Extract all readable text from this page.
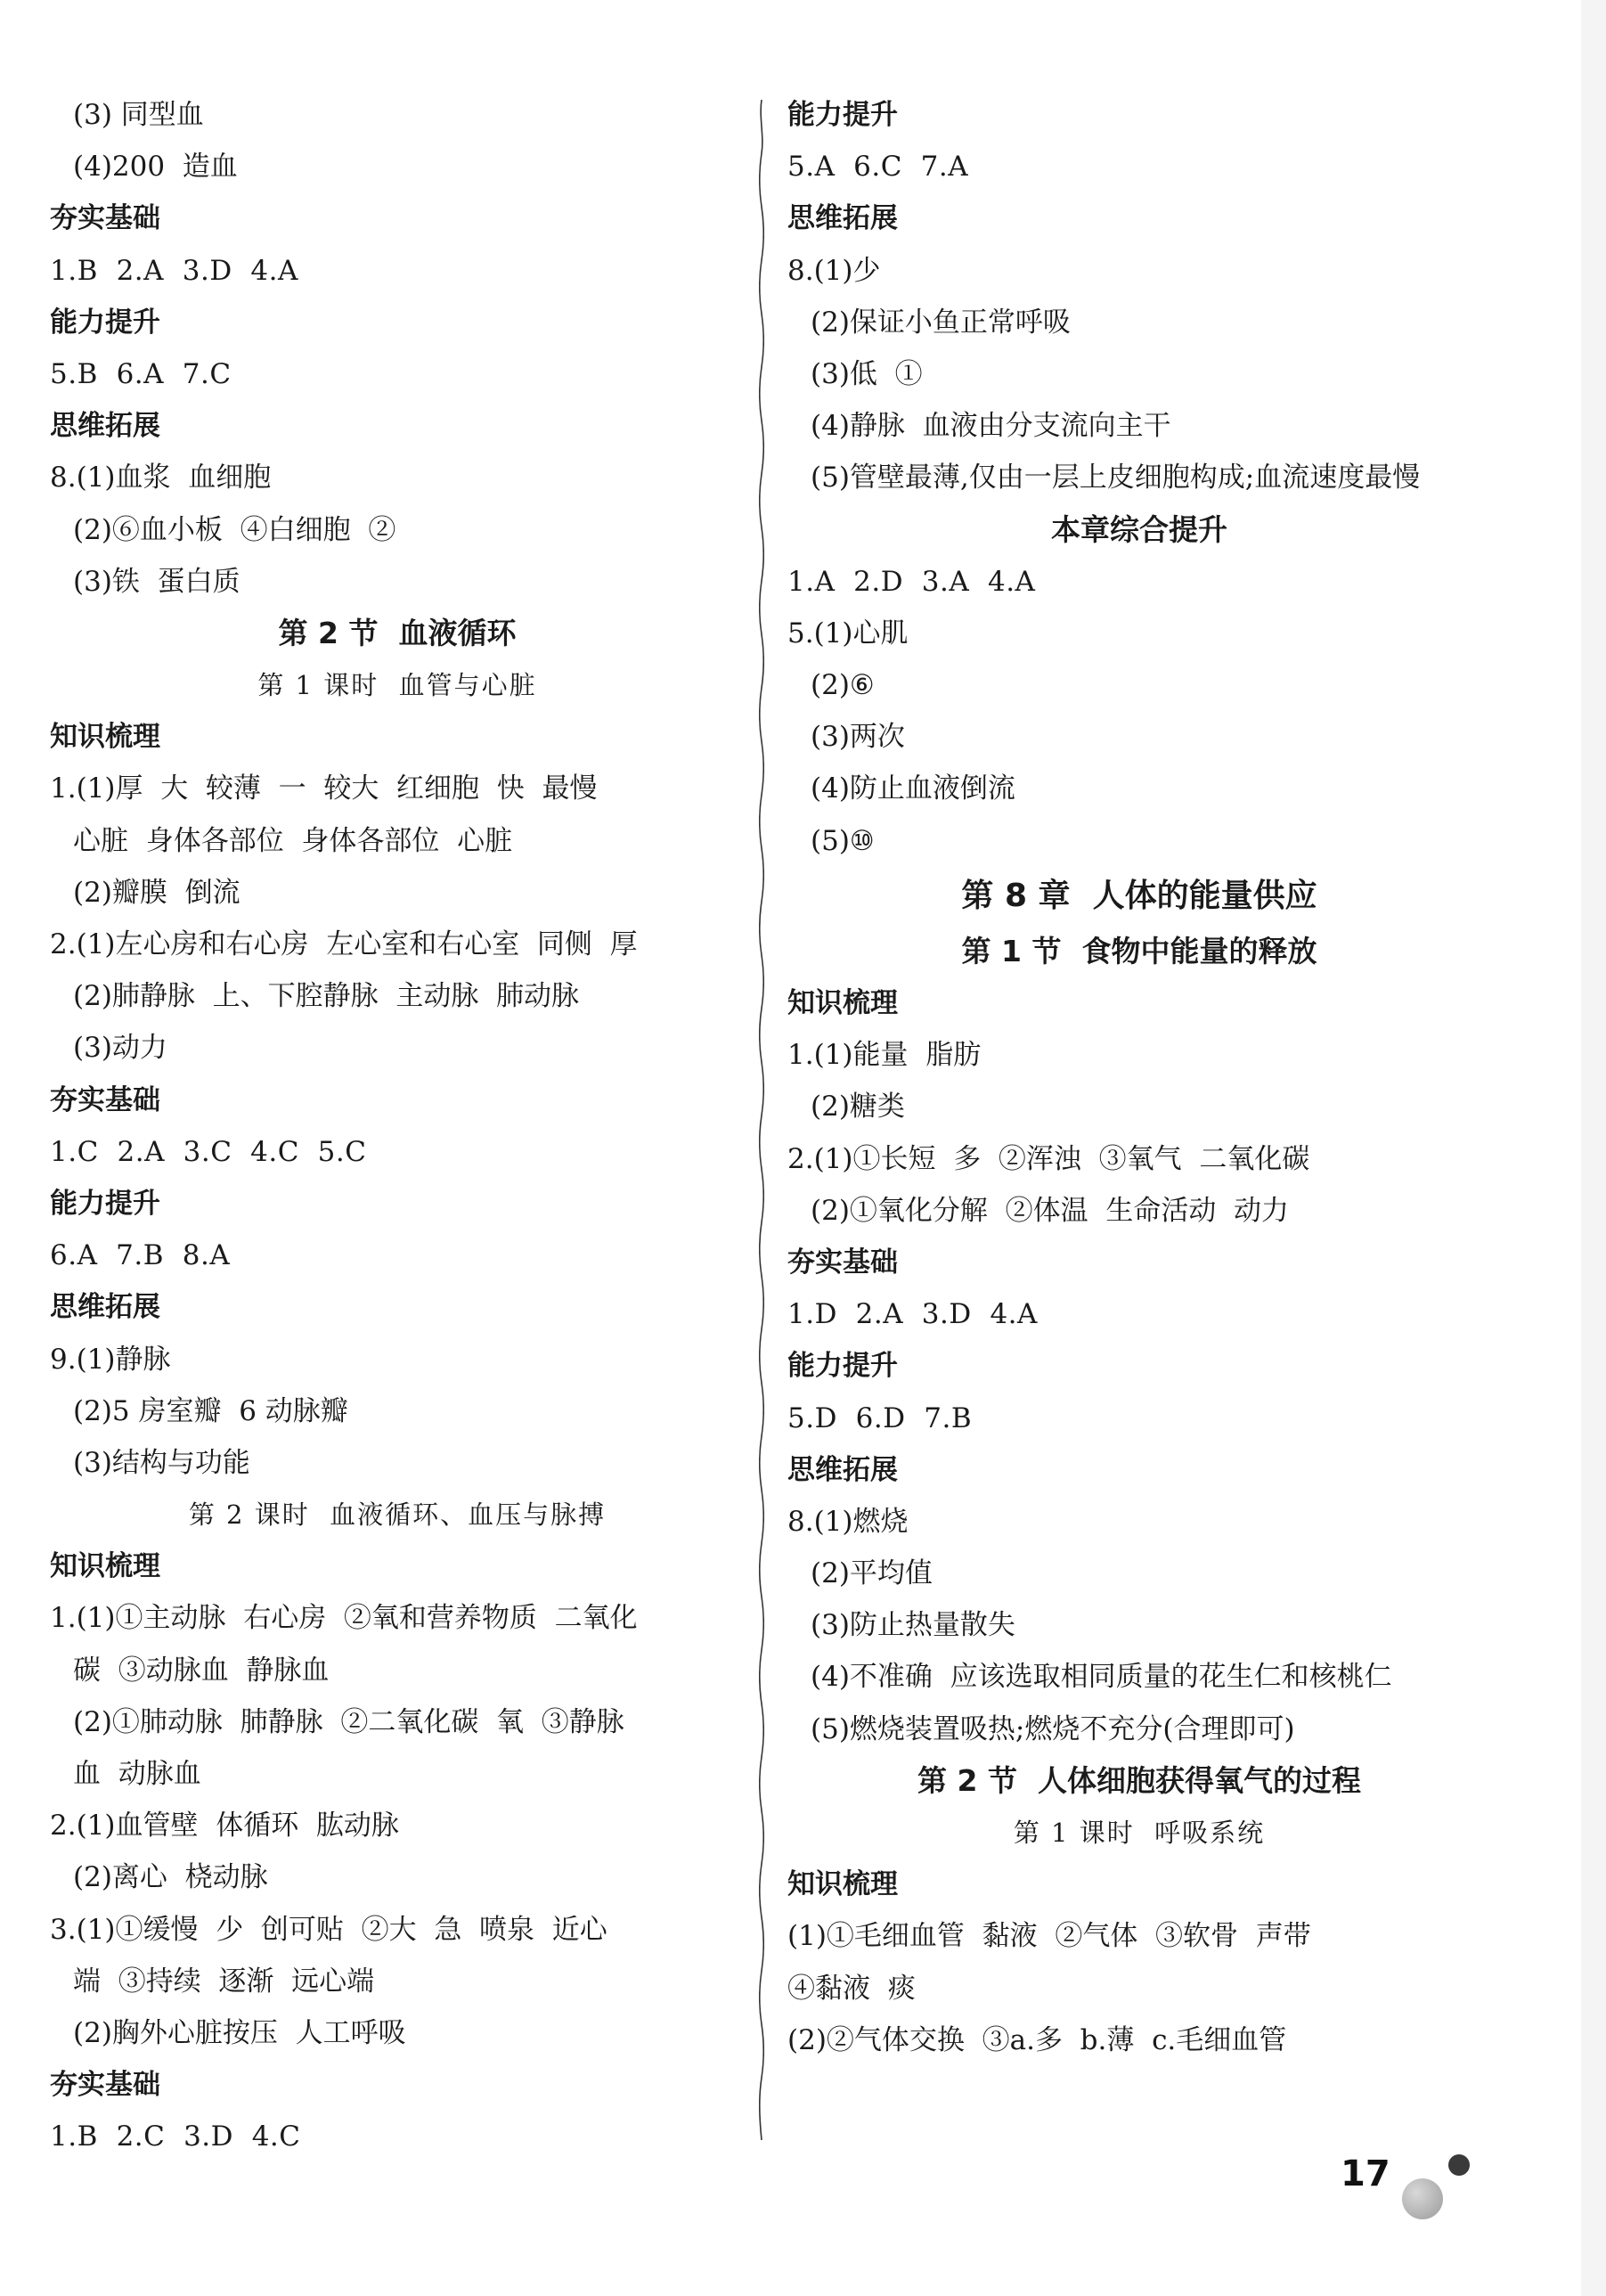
(3) 同型血
(4)200  造血
夯实基础
1.B  2.A  3.D  4.A
能力提升
5.B  6.A  7.C
思维拓展
8.(1)血浆  血细胞
(2)⑥血小板  ④白细胞  ②
(3)铁  蛋白质
第 2 节  血液循环
第 1 课时  血管与心脏
知识梳理
1.(1)厚  大  较薄  一  较大  红细胞  快  最慢
心脏  身体各部位  身体各部位  心脏
(2)瓣膜  倒流
2.(1)左心房和右心房  左心室和右心室  同侧  厚
(2)肺静脉  上、下腔静脉  主动脉  肺动脉
(3)动力
夯实基础
1.C  2.A  3.C  4.C  5.C
能力提升
6.A  7.B  8.A
思维拓展
9.(1)静脉
(2)5 房室瓣  6 动脉瓣
(3)结构与功能
第 2 课时  血液循环、血压与脉搏
知识梳理
1.(1)①主动脉  右心房  ②氧和营养物质  二氧化
碳  ③动脉血  静脉血
(2)①肺动脉  肺静脉  ②二氧化碳  氧  ③静脉
血  动脉血
2.(1)血管壁  体循环  肱动脉
(2)离心  桡动脉
3.(1)①缓慢  少  创可贴  ②大  急  喷泉  近心
端  ③持续  逐渐  远心端
(2)胸外心脏按压  人工呼吸
夯实基础
1.B  2.C  3.D  4.C
能力提升
5.A  6.C  7.A
思维拓展
8.(1)少
(2)保证小鱼正常呼吸
(3)低  ①
(4)静脉  血液由分支流向主干
(5)管壁最薄,仅由一层上皮细胞构成;血流速度最慢
本章综合提升
1.A  2.D  3.A  4.A
5.(1)心肌
(2)⑥
(3)两次
(4)防止血液倒流
(5)⑩
第 8 章  人体的能量供应
第 1 节  食物中能量的释放
知识梳理
1.(1)能量  脂肪
(2)糖类
2.(1)①长短  多  ②浑浊  ③氧气  二氧化碳
(2)①氧化分解  ②体温  生命活动  动力
夯实基础
1.D  2.A  3.D  4.A
能力提升
5.D  6.D  7.B
思维拓展
8.(1)燃烧
(2)平均值
(3)防止热量散失
(4)不准确  应该选取相同质量的花生仁和核桃仁
(5)燃烧装置吸热;燃烧不充分(合理即可)
第 2 节  人体细胞获得氧气的过程
第 1 课时  呼吸系统
知识梳理
(1)①毛细血管  黏液  ②气体  ③软骨  声带
④黏液  痰
(2)②气体交换  ③a.多  b.薄  c.毛细血管
17
